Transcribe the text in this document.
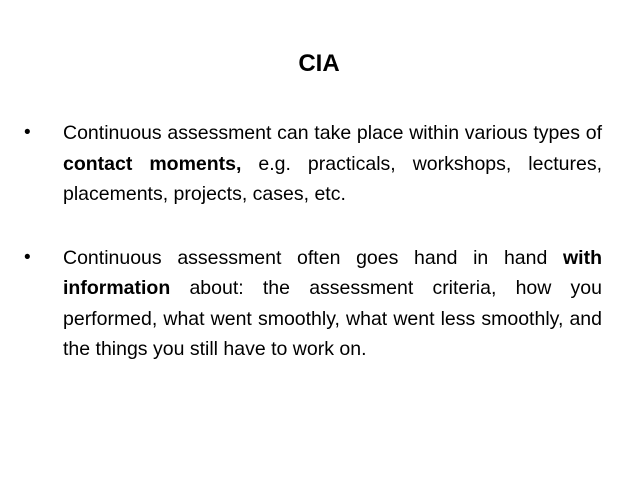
CIA
• Continuous assessment can take place within various types of contact moments, e.g. practicals, workshops, lectures, placements, projects, cases, etc.
• Continuous assessment often goes hand in hand with information about: the assessment criteria, how you performed, what went smoothly, what went less smoothly, and the things you still have to work on.
